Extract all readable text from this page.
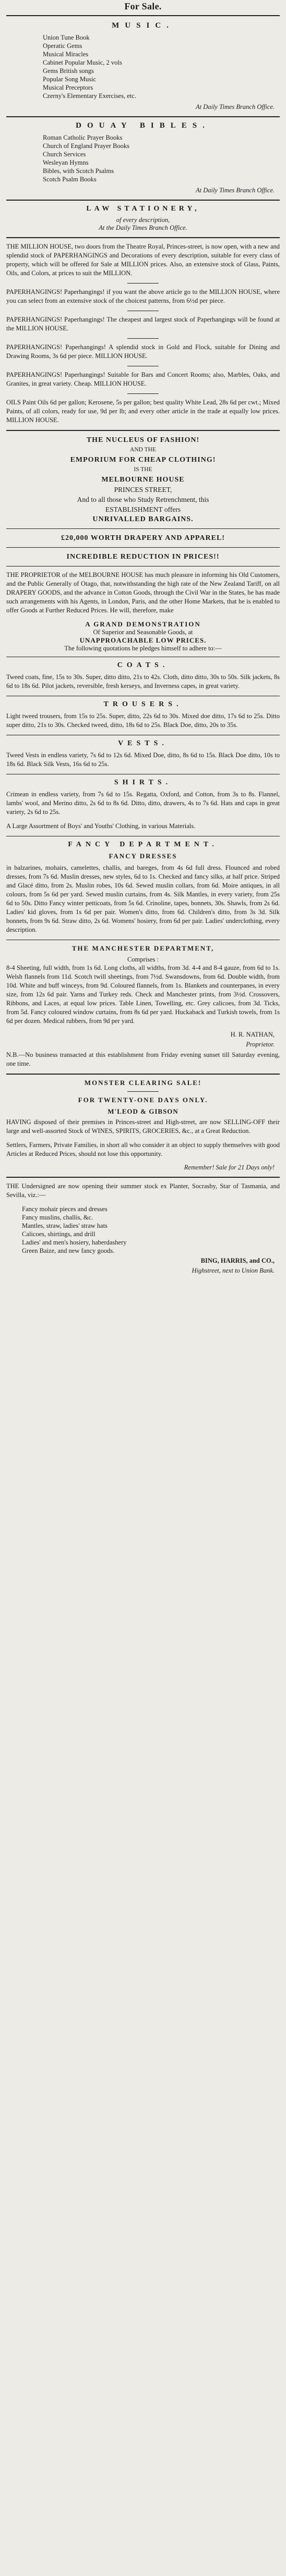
For Sale.
MUSIC.
Union Tune Book
Operatic Gems
Musical Miracles
Cabinet Popular Music, 2 vols
Gems British songs
Popular Song Music
Musical Preceptors
Czerny's Elementary Exercises, etc.
At Daily Times Branch Office.
DOUAY BIBLES.
Roman Catholic Prayer Books
Church of England Prayer Books
Church Services
Wesleyan Hymns
Bibles, with Scotch Psalms
Scotch Psalm Books
At Daily Times Branch Office.
LAW STATIONERY,
of every description,
At the Daily Times Branch Office.
THE MILLION HOUSE, two doors from the Theatre Royal, Princes-street, is now open, with a new and splendid stock of PAPERHANGINGS and Decorations of every description, suitable for every class of property, which will be offered for Sale at MILLION prices. Also, an extensive stock of Glass, Paints, Oils, and Colors, at prices to suit the MILLION.
PAPERHANGINGS! Paperhangings! if you want the above article go to the MILLION HOUSE, where you can select from an extensive stock of the choicest patterns, from 6½d per piece.
PAPERHANGINGS! Paperhangings! The cheapest and largest stock of Paperhangings will be found at the MILLION HOUSE.
PAPERHANGINGS! Paperhangings! A splendid stock in Gold and Flock, suitable for Dining and Drawing Rooms, 3s 6d per piece. MILLION HOUSE.
PAPERHANGINGS! Paperhangings! Suitable for Bars and Concert Rooms; also, Marbles, Oaks, and Granites, in great variety. Cheap. MILLION HOUSE.
OILS Paint Oils 6d per gallon; Kerosene, 5s per gallon; best quality White Lead, 28s 6d per cwt.; Mixed Paints, of all colors, ready for use, 9d per lb; and every other article in the trade at equally low prices. MILLION HOUSE.
THE NUCLEUS OF FASHION!
AND THE
EMPORIUM FOR CHEAP CLOTHING!
IS THE
MELBOURNE HOUSE
PRINCES STREET,
And to all those who Study Retrenchment, this
ESTABLISHMENT offers
UNRIVALLED BARGAINS.
£20,000 WORTH DRAPERY AND APPAREL!
INCREDIBLE REDUCTION IN PRICES!!
THE PROPRIETOR of the MELBOURNE HOUSE has much pleasure in informing his Old Customers, and the Public Generally of Otago, that, notwithstanding the high rate of the New Zealand Tariff, on all DRAPERY GOODS, and the advance in Cotton Goods, through the Civil War in the States, he has made such arrangements with his Agents, in London, Paris, and the other Home Markets, that he is enabled to offer Goods at Further Reduced Prices. He will, therefore, make
A GRAND DEMONSTRATION
Of Superior and Seasonable Goods, at
UNAPPROACHABLE LOW PRICES.
The following quotations he pledges himself to adhere to:—
COATS.
Tweed coats, fine, 15s to 30s. Super, ditto ditto, 21s to 42s. Cloth, ditto ditto, 30s to 50s. Silk jackets, 8s 6d to 18s 6d. Pilot jackets, reversible, fresh kerseys, and Inverness capes, in great variety.
TROUSERS.
Light tweed trousers, from 15s to 25s. Super, ditto, 22s 6d to 30s. Mixed doe ditto, 17s 6d to 25s. Ditto super ditto, 21s to 30s. Checked tweed, ditto, 18s 6d to 25s. Black Doe, ditto, 20s to 35s.
VESTS.
Tweed Vests in endless variety, 7s 6d to 12s 6d. Mixed Doe, ditto, 8s 6d to 15s. Black Doe ditto, 10s to 18s 6d. Black Silk Vests, 16s 6d to 25s.
SHIRTS.
Crimean in endless variety, from 7s 6d to 15s. Regatta, Oxford, and Cotton, from 3s to 8s. Flannel, lambs' wool, and Merino ditto, 2s 6d to 8s 6d. Ditto, ditto, drawers, 4s to 7s 6d. Hats and caps in great variety, 2s 6d to 25s.
A Large Assortment of Boys' and Youths' Clothing, in various Materials.
FANCY DEPARTMENT.
FANCY DRESSES
in balzarines, mohairs, camelettes, challis, and bareges, from 4s 6d full dress. Flounced and robed dresses, from 7s 6d. Muslin dresses, new styles, 6d to 1s. Checked and fancy silks, at half price. Striped and Glacé ditto, from 2s. Muslin robes, 10s 6d. Sewed muslin collars, from 6d. Moire antiques, in all colours, from 5s 6d per yard. Sewed muslin curtains, from 4s. Silk Mantles, in every variety, from 25s 6d to 50s. Ditto Fancy winter petticoats, from 5s 6d. Crinoline, tapes, bonnets, 30s. Shawls, from 2s 6d. Ladies' kid gloves, from 1s 6d per pair. Women's ditto, from 6d. Children's ditto, from 3s 3d. Silk bonnets, from 9s 6d. Straw ditto, 2s 6d. Womens' hosiery, from 6d per pair. Ladies' underclothing, every description.
THE MANCHESTER DEPARTMENT,
Comprises :
8-4 Sheeting, full width, from 1s 6d. Long cloths, all widths, from 3d. 4-4 and 8-4 gauze, from 6d to 1s. Welsh flannels from 11d. Scotch twill sheetings, from 7½d. Swansdowns, from 6d. Double width, from 10d. White and buff winceys, from 9d. Coloured flannels, from 1s. Blankets and counterpanes, in every size, from 12s 6d pair. Yarns and Turkey reds. Check and Manchester prints, from 3½d. Crossovers, Ribbons, and Laces, at equal low prices. Table Linen, Towelling, etc. Grey calicoes, from 3d. Ticks, from 5d. Fancy coloured window curtains, from 8s 6d per yard. Huckaback and Turkish towels, from 1s 6d per dozen. Medical rubbers, from 9d per yard.
H. R. NATHAN,
Proprietor.
N.B.—No business transacted at this establishment from Friday evening sunset till Saturday evening, one time.
MONSTER CLEARING SALE!
FOR TWENTY-ONE DAYS ONLY.
M'LEOD & GIBSON
HAVING disposed of their premises in Princes-street and High-street, are now SELLING-OFF their large and well-assorted Stock of WINES, SPIRITS, GROCERIES, &c., at a Great Reduction.
Settlers, Farmers, Private Families, in short all who consider it an object to supply themselves with good Articles at Reduced Prices, should not lose this opportunity.
Remember! Sale for 21 Days only!
THE Undersigned are now opening their summer stock ex Planter, Socrasby, Star of Tasmania, and Sevilla, viz.:—
Fancy mohair pieces and dresses
Fancy muslins, challis, &c.
Mantles, straw, ladies' straw hats
Calicoes, shirtings, and drill
Ladies' and men's hosiery, haberdashery
Green Baize, and new fancy goods.
BING, HARRIS, and CO.,
Highstreet, next to Union Bank.
